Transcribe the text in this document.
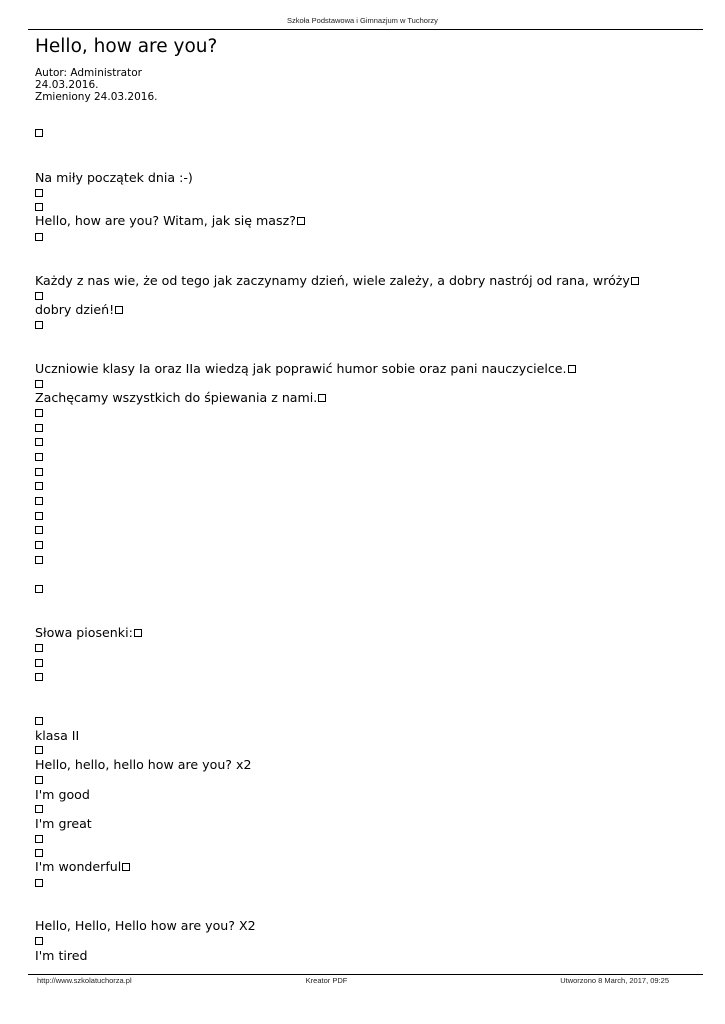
Szkoła Podstawowa i Gimnazjum w Tuchorzy
Hello, how are you?
Autor: Administrator
24.03.2016.
Zmieniony 24.03.2016.
Na miły początek dnia :-)
Hello, how are you? Witam, jak się masz?
Każdy z nas wie, że od tego jak zaczynamy dzień, wiele zależy, a dobry nastrój od rana, wróży
dobry dzień!
Uczniowie klasy Ia oraz IIa wiedzą jak poprawić humor sobie oraz pani nauczycielce.
Zachęcamy wszystkich do śpiewania z nami.
Słowa piosenki:
klasa II
Hello, hello, hello how are you? x2
I'm good
I'm great
I'm wonderful
Hello, Hello, Hello how are you? X2
I'm tired
http://www.szkolatuchorza.pl	Kreator PDF	Utworzono 8 March, 2017, 09:25
